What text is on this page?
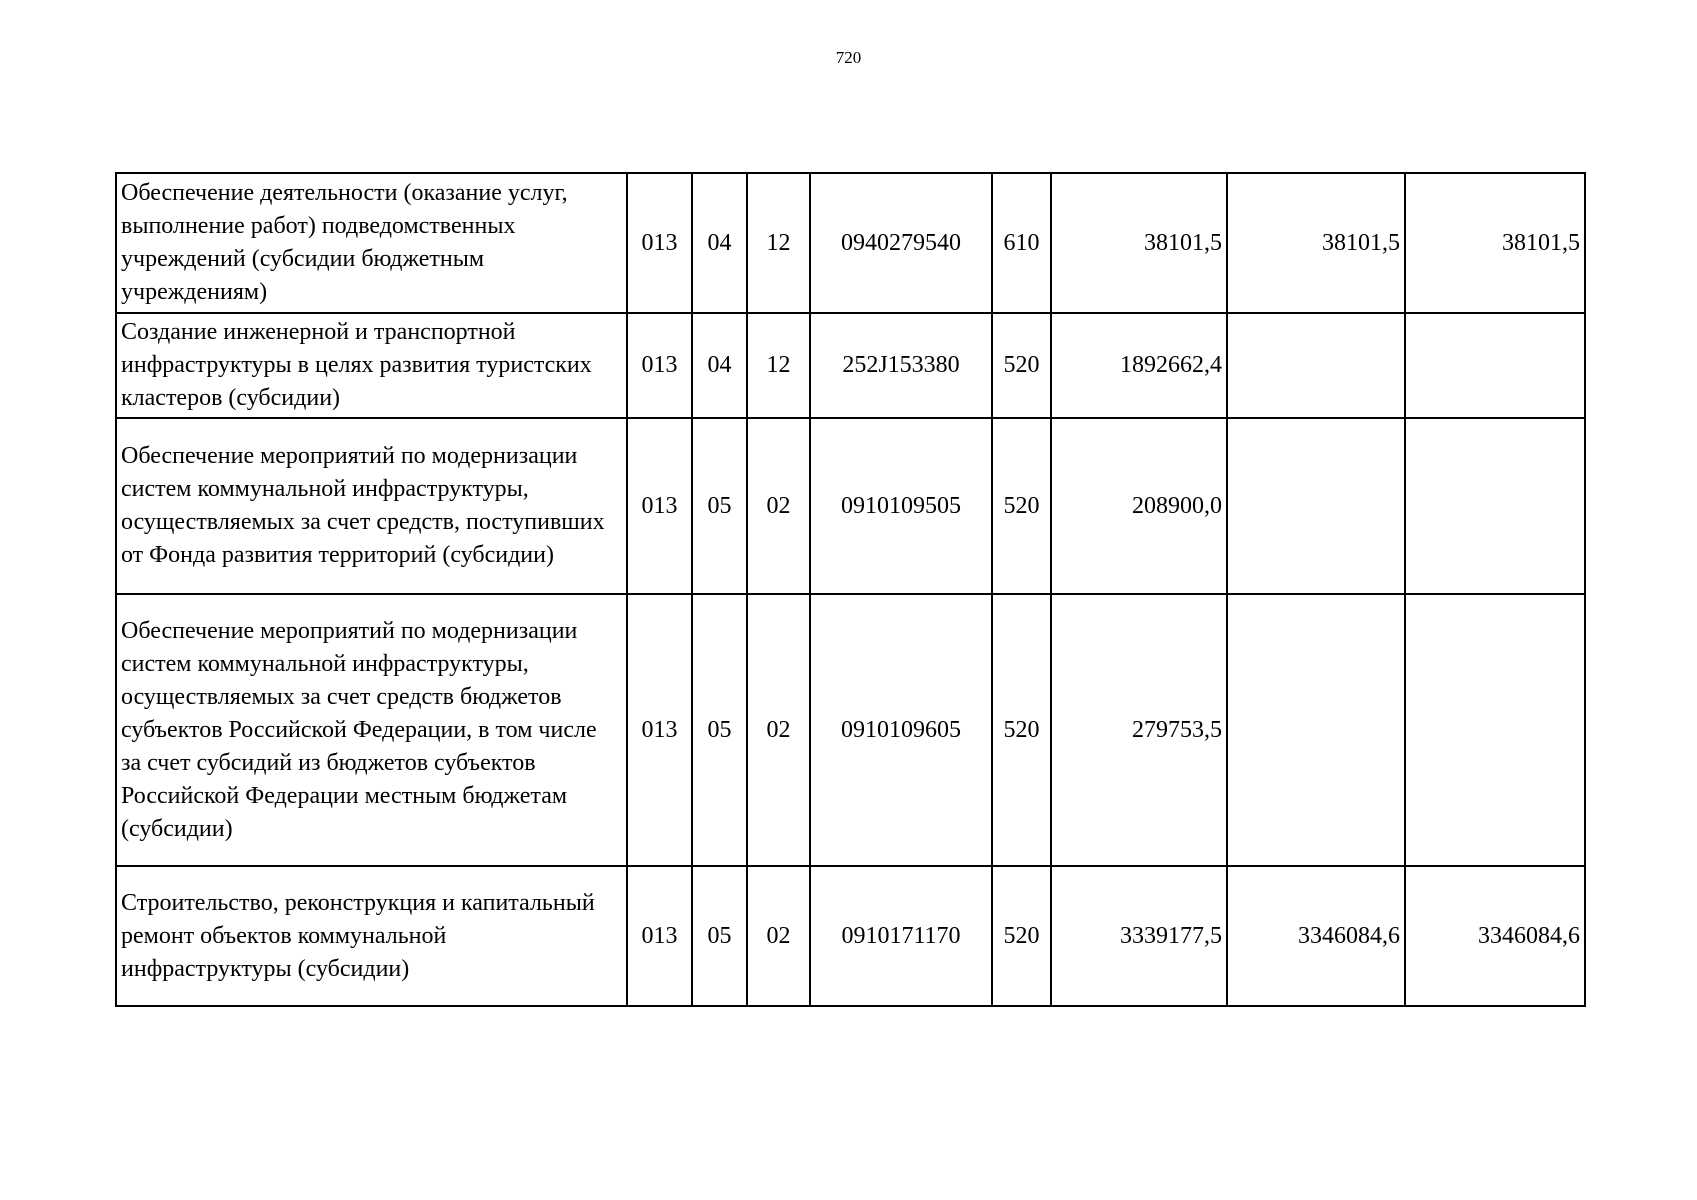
720
Обеспечение деятельности (оказание услуг, выполнение работ) подведомственных учреждений (субсидии бюджетным учреждениям)	013	04	12	0940279540	610	38101,5	38101,5	38101,5
Создание инженерной и транспортной инфраструктуры в целях развития туристских кластеров (субсидии)	013	04	12	252J153380	520	1892662,4		
Обеспечение мероприятий по модернизации систем коммунальной инфраструктуры, осуществляемых за счет средств, поступивших от Фонда развития территорий (субсидии)	013	05	02	0910109505	520	208900,0		
Обеспечение мероприятий по модернизации систем коммунальной инфраструктуры, осуществляемых за счет средств бюджетов субъектов Российской Федерации, в том числе за счет субсидий из бюджетов субъектов Российской Федерации местным бюджетам (субсидии)	013	05	02	0910109605	520	279753,5		
Строительство, реконструкция и капитальный ремонт объектов коммунальной инфраструктуры (субсидии)	013	05	02	0910171170	520	3339177,5	3346084,6	3346084,6
